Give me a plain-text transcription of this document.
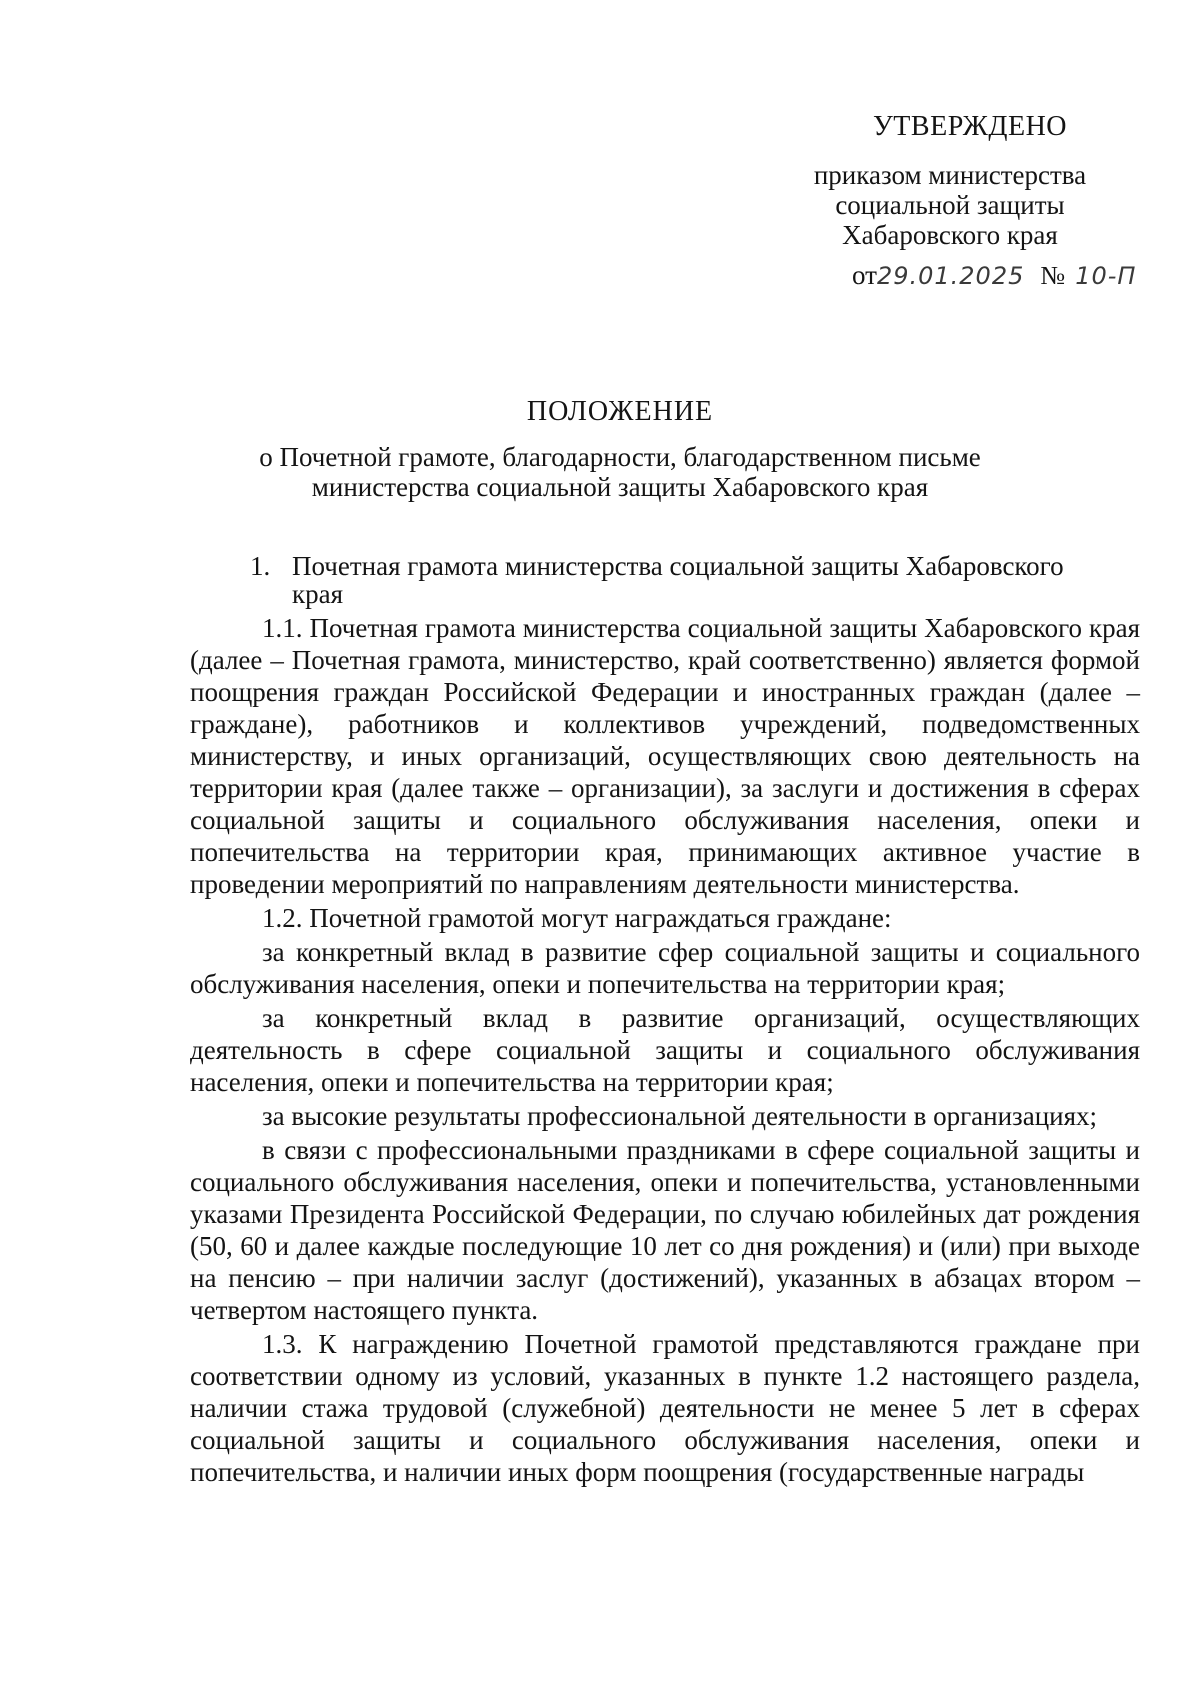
УТВЕРЖДЕНО
приказом министерства
социальной защиты
Хабаровского края
от29.01.2025 № 10-П
ПОЛОЖЕНИЕ
о Почетной грамоте, благодарности, благодарственном письме министерства социальной защиты Хабаровского края
1. Почетная грамота министерства социальной защиты Хабаровского края

1.1. Почетная грамота министерства социальной защиты Хабаровского края (далее – Почетная грамота, министерство, край соответственно) является формой поощрения граждан Российской Федерации и иностранных граждан (далее – граждане), работников и коллективов учреждений, подведомственных министерству, и иных организаций, осуществляющих свою деятельность на территории края (далее также – организации), за заслуги и достижения в сферах социальной защиты и социального обслуживания населения, опеки и попечительства на территории края, принимающих активное участие в проведении мероприятий по направлениям деятельности министерства.

1.2. Почетной грамотой могут награждаться граждане:

за конкретный вклад в развитие сфер социальной защиты и социального обслуживания населения, опеки и попечительства на территории края;

за конкретный вклад в развитие организаций, осуществляющих деятельность в сфере социальной защиты и социального обслуживания населения, опеки и попечительства на территории края;

за высокие результаты профессиональной деятельности в организациях;

в связи с профессиональными праздниками в сфере социальной защиты и социального обслуживания населения, опеки и попечительства, установленными указами Президента Российской Федерации, по случаю юбилейных дат рождения (50, 60 и далее каждые последующие 10 лет со дня рождения) и (или) при выходе на пенсию – при наличии заслуг (достижений), указанных в абзацах втором – четвертом настоящего пункта.

1.3. К награждению Почетной грамотой представляются граждане при соответствии одному из условий, указанных в пункте 1.2 настоящего раздела, наличии стажа трудовой (служебной) деятельности не менее 5 лет в сферах социальной защиты и социального обслуживания населения, опеки и попечительства, и наличии иных форм поощрения (государственные награды
